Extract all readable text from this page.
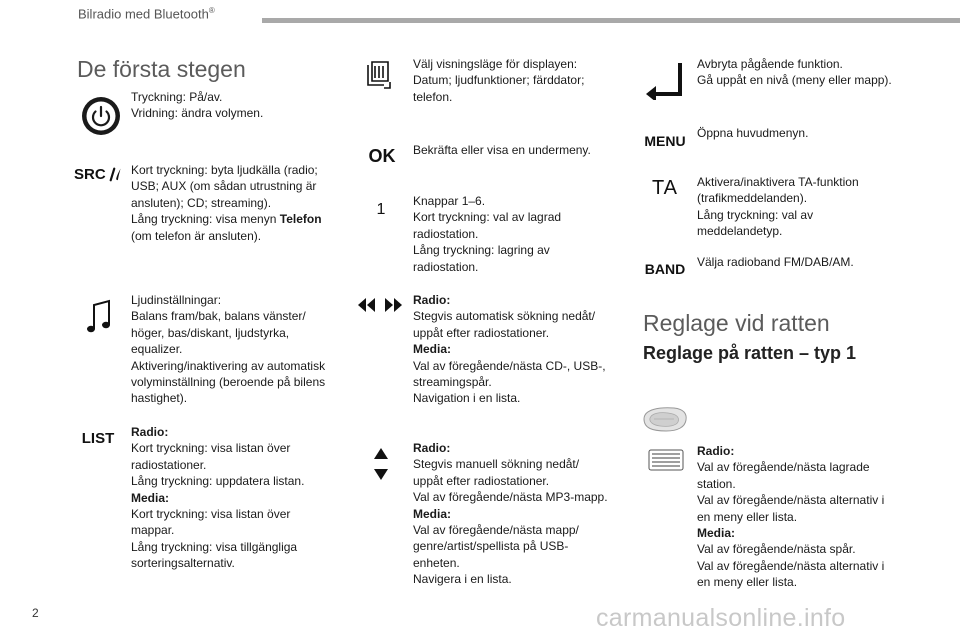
Bilradio med Bluetooth®
De första stegen
Tryckning: På/av.
Vridning: ändra volymen.
SRC Kort tryckning: byta ljudkälla (radio;
USB; AUX (om sådan utrustning är
ansluten); CD; streaming).
Lång tryckning: visa menyn Telefon
(om telefon är ansluten).
Ljudinställningar:
Balans fram/bak, balans vänster/
höger, bas/diskant, ljudstyrka,
equalizer.
Aktivering/inaktivering av automatisk
volyminställning (beroende på bilens
hastighet).
LIST Radio:
Kort tryckning: visa listan över
radiostationer.
Lång tryckning: uppdatera listan.
Media:
Kort tryckning: visa listan över
mappar.
Lång tryckning: visa tillgängliga
sorteringsalternativ.
Välj visningsläge för displayen:
Datum; ljudfunktioner; färddator;
telefon.
OK Bekräfta eller visa en undermeny.
1 Knappar 1–6.
Kort tryckning: val av lagrad
radiostation.
Lång tryckning: lagring av
radiostation.
Radio:
Stegvis automatisk sökning nedåt/
uppåt efter radiostationer.
Media:
Val av föregående/nästa CD-, USB-,
streamingspår.
Navigation i en lista.
Radio:
Stegvis manuell sökning nedåt/
uppåt efter radiostationer.
Val av föregående/nästa MP3-mapp.
Media:
Val av föregående/nästa mapp/
genre/artist/spellista på USB-
enheten.
Navigera i en lista.
Avbryta pågående funktion.
Gå uppåt en nivå (meny eller mapp).
MENU Öppna huvudmenyn.
TA Aktivera/inaktivera TA-funktion
(trafikmeddelanden).
Lång tryckning: val av
meddelandetyp.
BAND Välja radioband FM/DAB/AM.
Reglage vid ratten
Reglage på ratten – typ 1
Radio:
Val av föregående/nästa lagrade
station.
Val av föregående/nästa alternativ i
en meny eller lista.
Media:
Val av föregående/nästa spår.
Val av föregående/nästa alternativ i
en meny eller lista.
2	carmanualsonline.info
